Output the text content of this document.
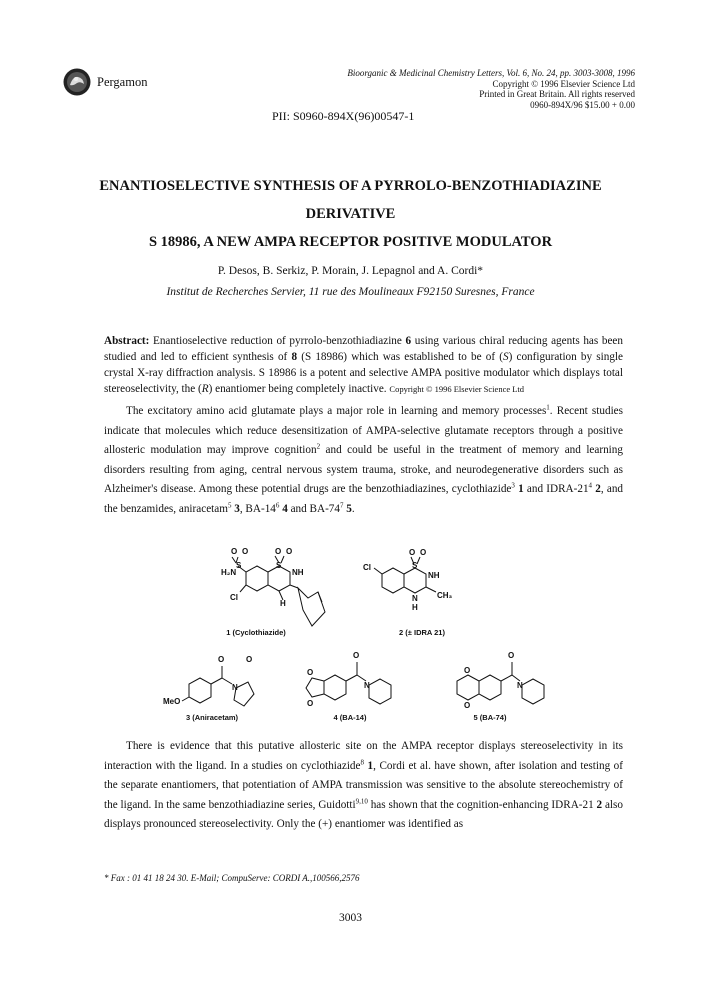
Pergamon
Bioorganic & Medicinal Chemistry Letters, Vol. 6, No. 24, pp. 3003-3008, 1996
Copyright © 1996 Elsevier Science Ltd
Printed in Great Britain. All rights reserved
0960-894X/96 $15.00 + 0.00
PII: S0960-894X(96)00547-1
ENANTIOSELECTIVE SYNTHESIS OF A PYRROLO-BENZOTHIADIAZINE
DERIVATIVE
S 18986, A NEW AMPA RECEPTOR POSITIVE MODULATOR
P. Desos, B. Serkiz, P. Morain, J. Lepagnol and A. Cordi*
Institut de Recherches Servier, 11 rue des Moulineaux F92150 Suresnes, France
Abstract: Enantioselective reduction of pyrrolo-benzothiadiazine 6 using various chiral reducing agents has been studied and led to efficient synthesis of 8 (S 18986) which was established to be of (S) configuration by single crystal X-ray diffraction analysis. S 18986 is a potent and selective AMPA positive modulator which displays total stereoselectivity, the (R) enantiomer being completely inactive. Copyright © 1996 Elsevier Science Ltd
The excitatory amino acid glutamate plays a major role in learning and memory processes$^1$. Recent studies indicate that molecules which reduce desensitization of AMPA-selective glutamate receptors through a positive allosteric modulation may improve cognition$^2$ and could be useful in the treatment of memory and learning disorders resulting from aging, central nervous system trauma, stroke, and neurodegenerative disorders such as Alzheimer's disease. Among these potential drugs are the benzothiadiazines, cyclothiazide$^3$ 1 and IDRA-$21^4$ 2, and the benzamides, aniracetam$^5$ 3, $BA-14^6$ 4 and $BA-74^7$ 5.
O O	O O
H₂N
S	S
NH
Cl
H
1 (Cyclothiazide)
O O
Cl	S
NH
N
H
CH₃
2 (± IDRA 21)
O	O
N
MeO
3 (Aniracetam)
O
O
O
N
4 (BA-14)
O
O
O
N
5 (BA-74)
There is evidence that this putative allosteric site on the AMPA receptor displays stereoselectivity in its interaction with the ligand. In a studies on cyclothiazide$^8$ 1, Cordi et al. have shown, after isolation and testing of the separate enantiomers, that potentiation of AMPA transmission was sensitive to the absolute stereochemistry of the ligand. In the same benzothiadiazine series, Guidotti$^{9,10}$ has shown that the cognition-enhancing IDRA-21 2 also displays pronounced stereoselectivity. Only the (+) enantiomer was identified as
* Fax : 01 41 18 24 30. E-Mail; CompuServe: CORDI A.,100566,2576
3003
